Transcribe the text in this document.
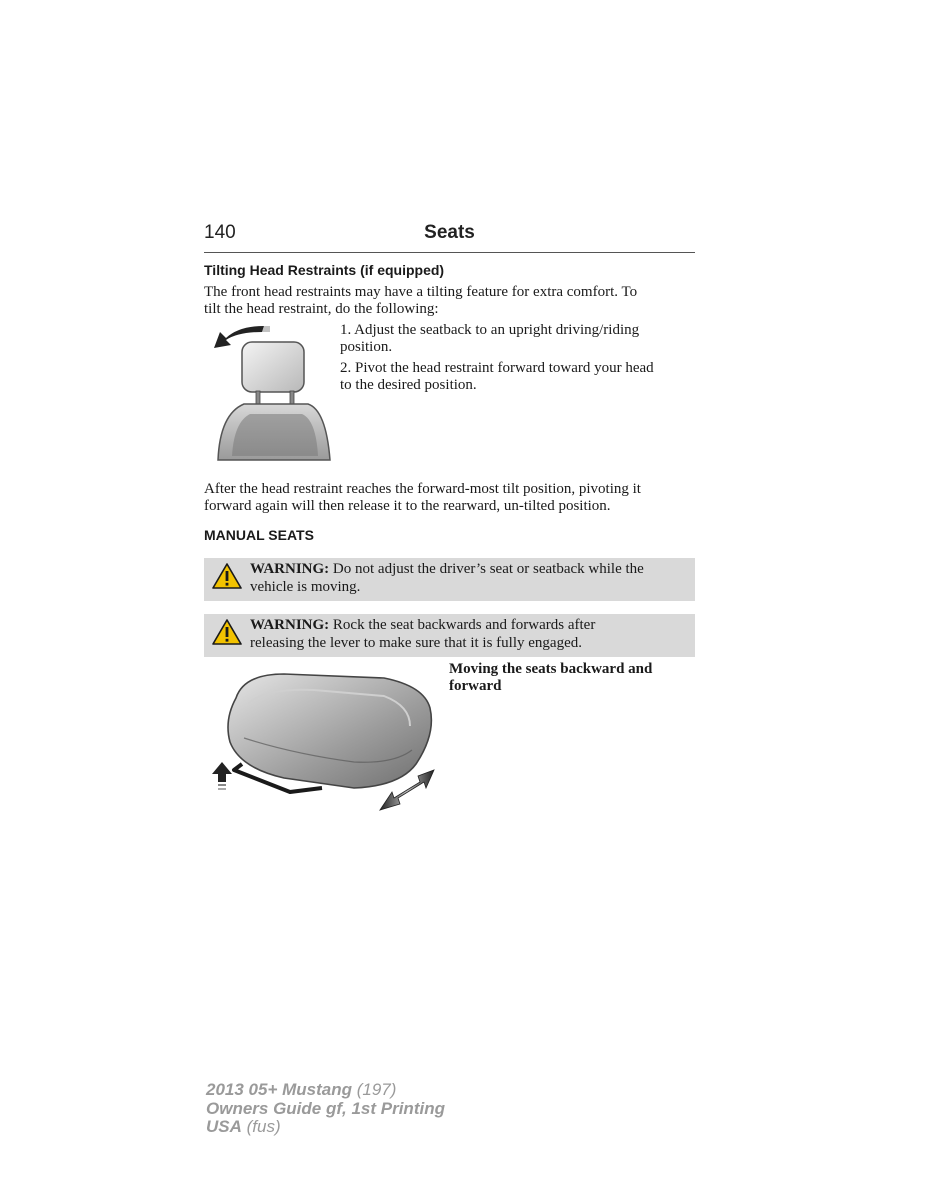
140	Seats
Tilting Head Restraints (if equipped)
The front head restraints may have a tilting feature for extra comfort. To
tilt the head restraint, do the following:
1. Adjust the seatback to an upright driving/riding
position.
2. Pivot the head restraint forward toward your head
to the desired position.
After the head restraint reaches the forward-most tilt position, pivoting it
forward again will then release it to the rearward, un-tilted position.
MANUAL SEATS
WARNING: Do not adjust the driver’s seat or seatback while the
vehicle is moving.
WARNING: Rock the seat backwards and forwards after
releasing the lever to make sure that it is fully engaged.
Moving the seats backward and
forward
2013 05+ Mustang (197)
Owners Guide gf, 1st Printing
USA (fus)
